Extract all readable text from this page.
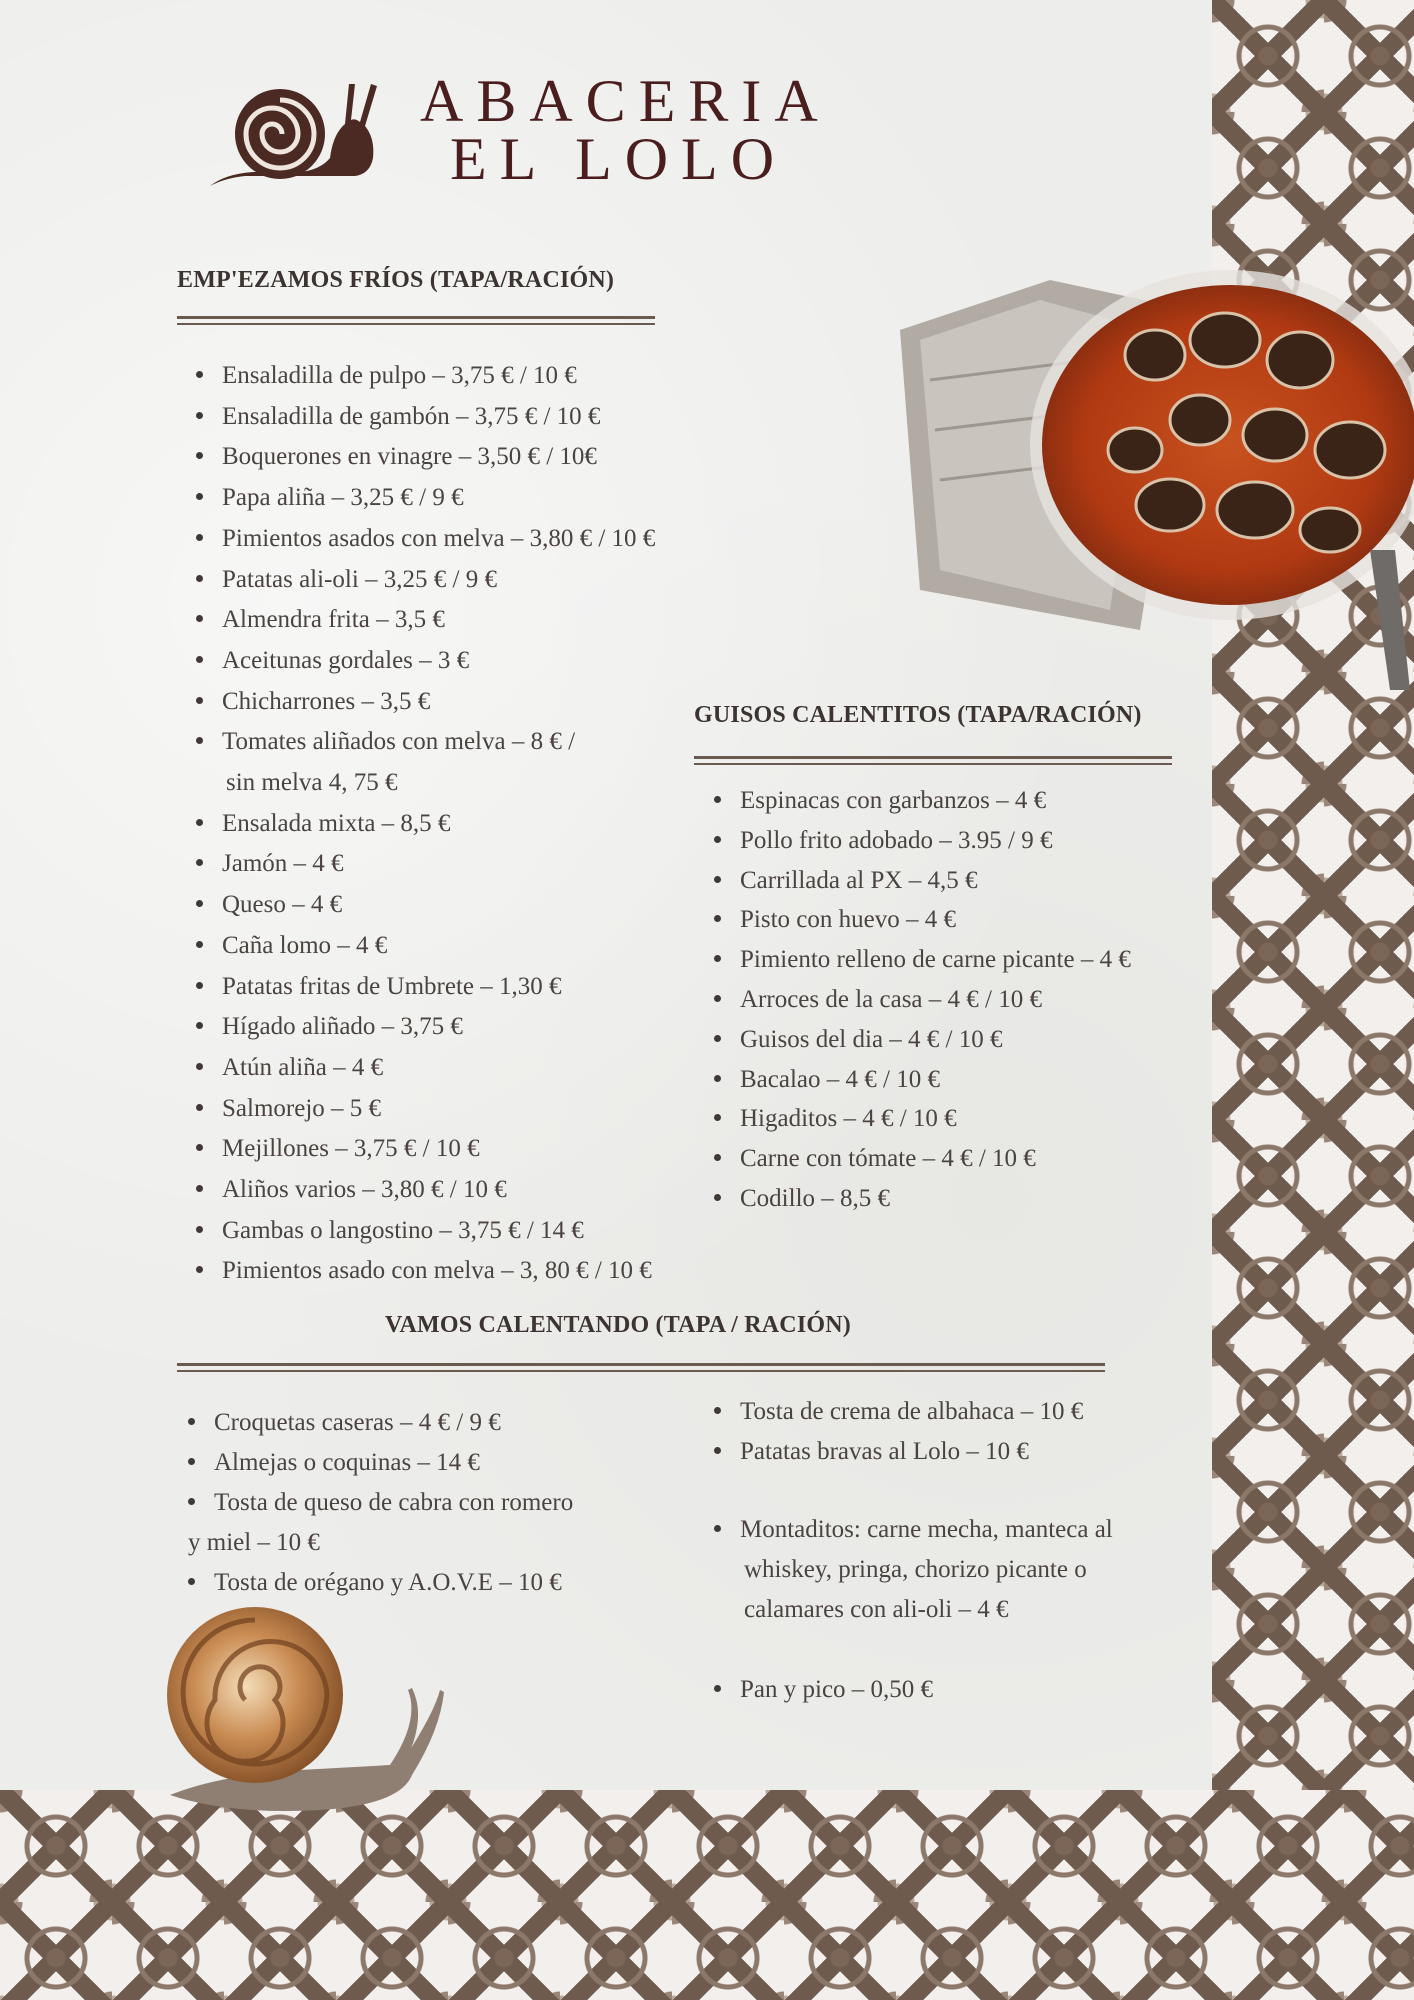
ABACERIA
EL LOLO
EMP'EZAMOS FRÍOS (TAPA/RACIÓN)
Ensaladilla de pulpo – 3,75 € / 10 €
Ensaladilla de gambón – 3,75 € / 10 €
Boquerones en vinagre – 3,50 € / 10€
Papa aliña – 3,25 € / 9 €
Pimientos asados con melva – 3,80 € / 10 €
Patatas ali-oli – 3,25 € / 9 €
Almendra frita – 3,5 €
Aceitunas gordales – 3 €
Chicharrones – 3,5 €
Tomates aliñados con melva – 8 € /
sin melva 4, 75 €
Ensalada mixta – 8,5 €
Jamón – 4 €
Queso – 4 €
Caña lomo – 4 €
Patatas fritas de Umbrete – 1,30 €
Hígado aliñado – 3,75 €
Atún aliña – 4 €
Salmorejo – 5 €
Mejillones – 3,75 € / 10 €
Aliños varios – 3,80 € / 10 €
Gambas o langostino – 3,75 € / 14 €
Pimientos asado con melva – 3, 80 € / 10 €
GUISOS CALENTITOS (TAPA/RACIÓN)
Espinacas con garbanzos – 4 €
Pollo frito adobado – 3.95 / 9 €
Carrillada al PX – 4,5 €
Pisto con huevo – 4 €
Pimiento relleno de carne picante – 4 €
Arroces de la casa – 4 € / 10 €
Guisos del dia – 4 € / 10 €
Bacalao – 4 € / 10 €
Higaditos – 4 € / 10 €
Carne con tómate – 4 € / 10 €
Codillo – 8,5 €
VAMOS CALENTANDO (TAPA / RACIÓN)
Croquetas caseras – 4 € / 9 €
Almejas o coquinas – 14 €
Tosta de queso de cabra con romero
y miel – 10 €
Tosta de orégano y A.O.V.E – 10 €
Tosta de crema de albahaca – 10 €
Patatas bravas al Lolo – 10 €
Montaditos: carne mecha, manteca al
whiskey, pringa, chorizo picante o
calamares con ali-oli – 4 €
Pan y pico – 0,50 €
